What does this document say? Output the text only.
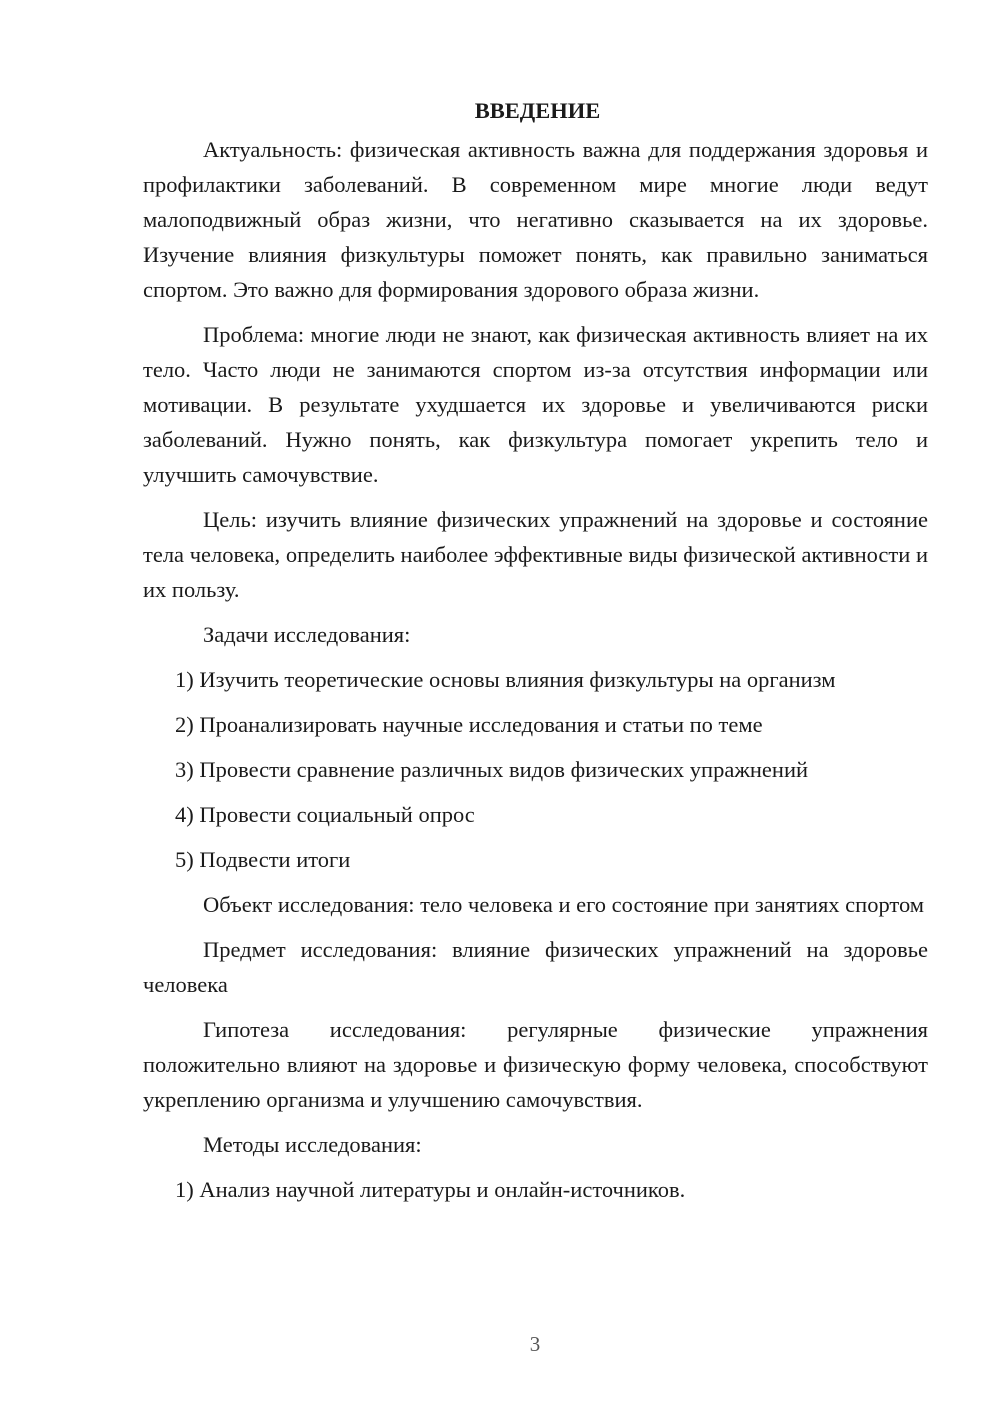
ВВЕДЕНИЕ

Актуальность: физическая активность важна для поддержания здоровья и профилактики заболеваний. В современном мире многие люди ведут малоподвижный образ жизни, что негативно сказывается на их здоровье. Изучение влияния физкультуры поможет понять, как правильно заниматься спортом. Это важно для формирования здорового образа жизни.

Проблема: многие люди не знают, как физическая активность влияет на их тело. Часто люди не занимаются спортом из-за отсутствия информации или мотивации. В результате ухудшается их здоровье и увеличиваются риски заболеваний. Нужно понять, как физкультура помогает укрепить тело и улучшить самочувствие.

Цель: изучить влияние физических упражнений на здоровье и состояние тела человека, определить наиболее эффективные виды физической активности и их пользу.

Задачи исследования:

1) Изучить теоретические основы влияния физкультуры на организм
2) Проанализировать научные исследования и статьи по теме
3) Провести сравнение различных видов физических упражнений
4) Провести социальный опрос
5) Подвести итоги

Объект исследования: тело человека и его состояние при занятиях спортом

Предмет исследования: влияние физических упражнений на здоровье человека

Гипотеза исследования: регулярные физические упражнения положительно влияют на здоровье и физическую форму человека, способствуют укреплению организма и улучшению самочувствия.

Методы исследования:

1) Анализ научной литературы и онлайн-источников.
3
